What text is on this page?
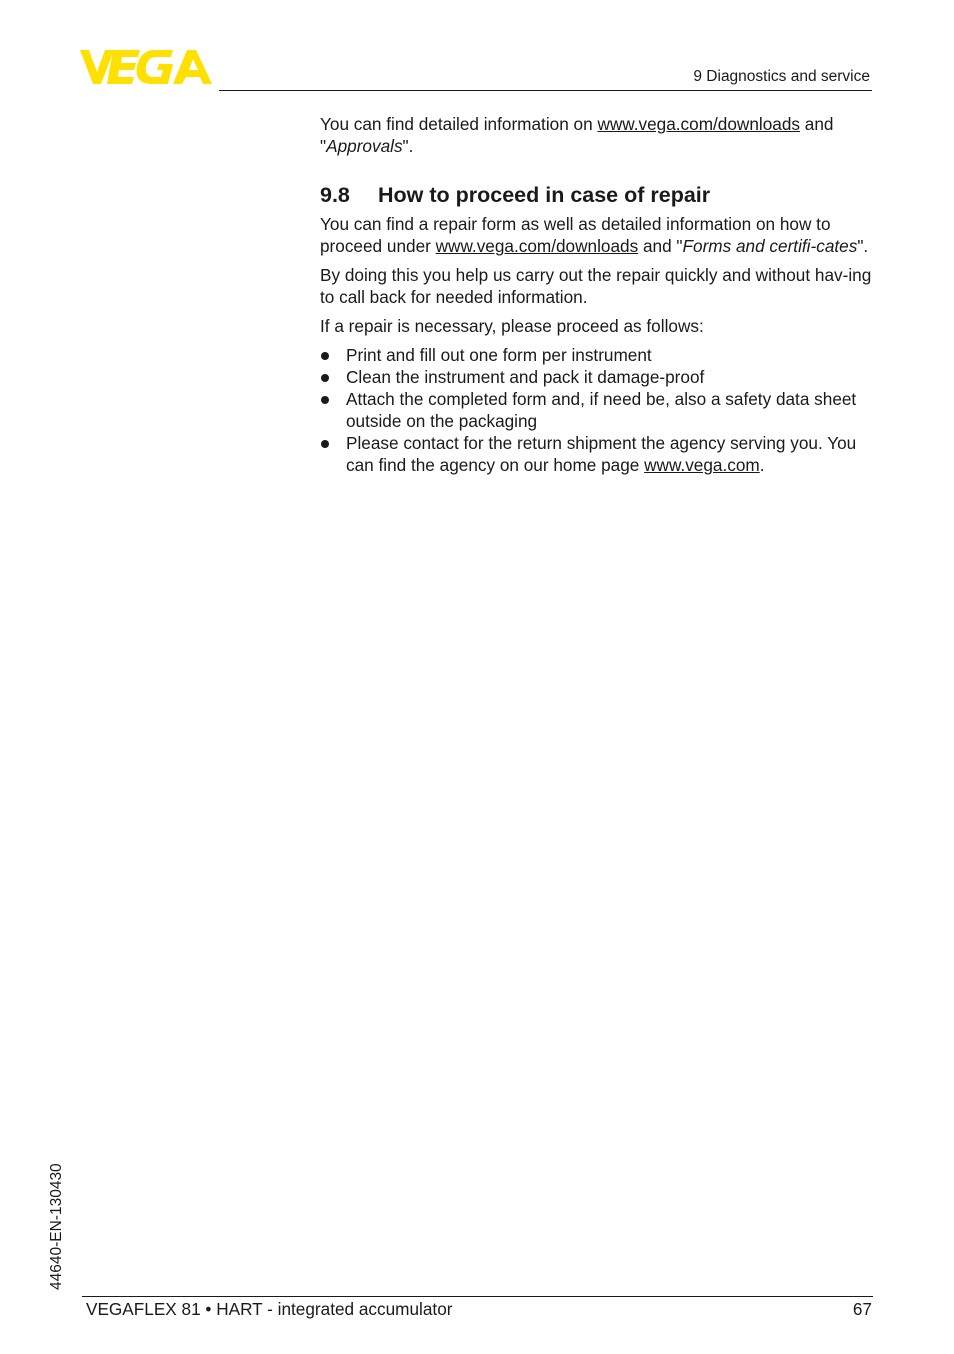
9 Diagnostics and service

You can find detailed information on www.vega.com/downloads and "Approvals".

9.8 How to proceed in case of repair

You can find a repair form as well as detailed information on how to proceed under www.vega.com/downloads and "Forms and certifi-cates".

By doing this you help us carry out the repair quickly and without hav-ing to call back for needed information.

If a repair is necessary, please proceed as follows:

Print and fill out one form per instrument
Clean the instrument and pack it damage-proof
Attach the completed form and, if need be, also a safety data sheet outside on the packaging
Please contact for the return shipment the agency serving you. You can find the agency on our home page www.vega.com.
44640-EN-130430
VEGAFLEX 81 • HART - integrated accumulator	67
